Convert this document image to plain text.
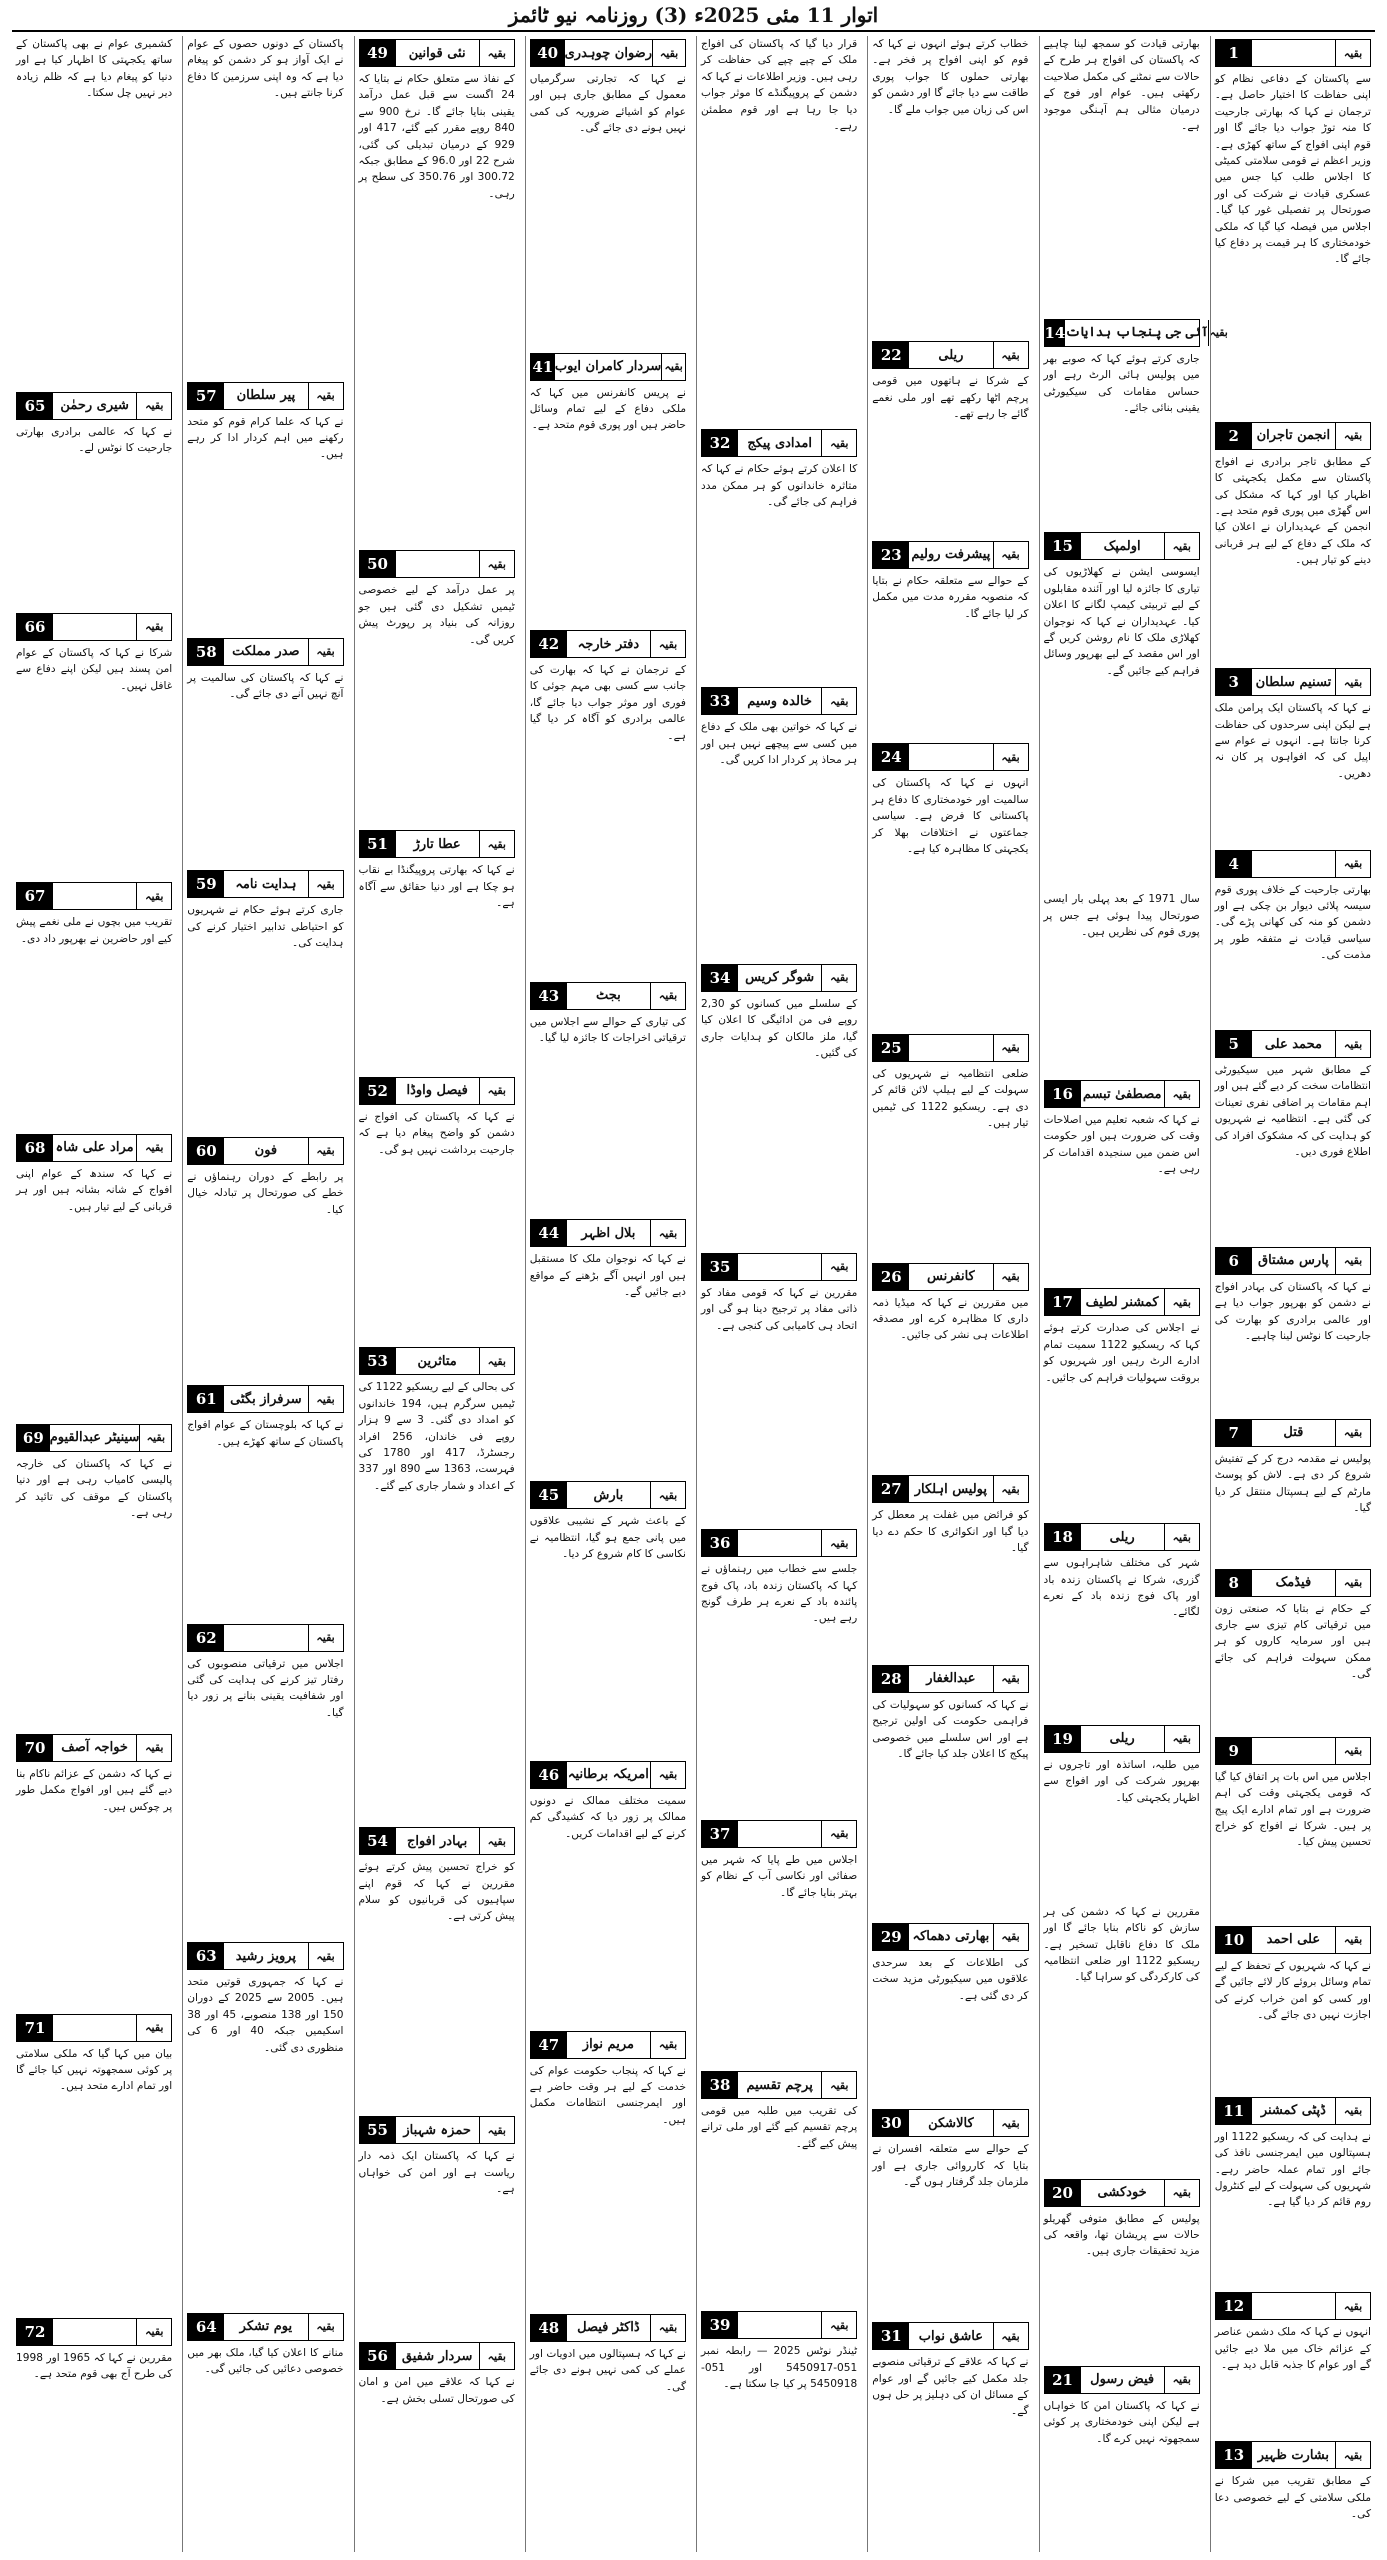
اتوار 11 مئی 2025ء (3) روزنامہ نیو ٹائمز
1	بقیہ
سے پاکستان کے دفاعی نظام کو اپنی حفاظت کا اختیار حاصل ہے۔ ترجمان نے کہا کہ بھارتی جارحیت کا منہ توڑ جواب دیا جائے گا اور قوم اپنی افواج کے ساتھ کھڑی ہے۔ وزیر اعظم نے قومی سلامتی کمیٹی کا اجلاس طلب کیا جس میں عسکری قیادت نے شرکت کی اور صورتحال پر تفصیلی غور کیا گیا۔ اجلاس میں فیصلہ کیا گیا کہ ملکی خودمختاری کا ہر قیمت پر دفاع کیا جائے گا۔
2	انجمن تاجران	بقیہ
کے مطابق تاجر برادری نے افواج پاکستان سے مکمل یکجہتی کا اظہار کیا اور کہا کہ مشکل کی اس گھڑی میں پوری قوم متحد ہے۔ انجمن کے عہدیداران نے اعلان کیا کہ ملک کے دفاع کے لیے ہر قربانی دینے کو تیار ہیں۔
3	تسنیم سلطان	بقیہ
نے کہا کہ پاکستان ایک پرامن ملک ہے لیکن اپنی سرحدوں کی حفاظت کرنا جانتا ہے۔ انہوں نے عوام سے اپیل کی کہ افواہوں پر کان نہ دھریں۔
4	بقیہ
بھارتی جارحیت کے خلاف پوری قوم سیسہ پلائی دیوار بن چکی ہے اور دشمن کو منہ کی کھانی پڑے گی۔ سیاسی قیادت نے متفقہ طور پر مذمت کی۔
5	محمد علی	بقیہ
کے مطابق شہر میں سیکیورٹی انتظامات سخت کر دیے گئے ہیں اور اہم مقامات پر اضافی نفری تعینات کی گئی ہے۔ انتظامیہ نے شہریوں کو ہدایت کی کہ مشکوک افراد کی اطلاع فوری دیں۔
6	پارس مشتاق	بقیہ
نے کہا کہ پاکستان کی بہادر افواج نے دشمن کو بھرپور جواب دیا ہے اور عالمی برادری کو بھارت کی جارحیت کا نوٹس لینا چاہیے۔
7	قتل	بقیہ
پولیس نے مقدمہ درج کر کے تفتیش شروع کر دی ہے۔ لاش کو پوسٹ مارٹم کے لیے ہسپتال منتقل کر دیا گیا۔
8	فیڈمک	بقیہ
کے حکام نے بتایا کہ صنعتی زون میں ترقیاتی کام تیزی سے جاری ہیں اور سرمایہ کاروں کو ہر ممکن سہولت فراہم کی جائے گی۔
9	بقیہ
اجلاس میں اس بات پر اتفاق کیا گیا کہ قومی یکجہتی وقت کی اہم ضرورت ہے اور تمام ادارے ایک پیج پر ہیں۔ شرکا نے افواج کو خراج تحسین پیش کیا۔
10	علی احمد	بقیہ
نے کہا کہ شہریوں کے تحفظ کے لیے تمام وسائل بروئے کار لائے جائیں گے اور کسی کو امن خراب کرنے کی اجازت نہیں دی جائے گی۔
11	ڈپٹی کمشنر	بقیہ
نے ہدایت کی کہ ریسکیو 1122 اور ہسپتالوں میں ایمرجنسی نافذ کی جائے اور تمام عملہ حاضر رہے۔ شہریوں کی سہولت کے لیے کنٹرول روم قائم کر دیا گیا ہے۔
12	بقیہ
انہوں نے کہا کہ ملک دشمن عناصر کے عزائم خاک میں ملا دیے جائیں گے اور عوام کا جذبہ قابل دید ہے۔
13	بشارت ظہیر	بقیہ
کے مطابق تقریب میں شرکا نے ملکی سلامتی کے لیے خصوصی دعا کی۔
بھارتی قیادت کو سمجھ لینا چاہیے کہ پاکستان کی افواج ہر طرح کے حالات سے نمٹنے کی مکمل صلاحیت رکھتی ہیں۔ عوام اور فوج کے درمیان مثالی ہم آہنگی موجود ہے۔
14 آئی جی پنجاب ہدایات بقیہ
جاری کرتے ہوئے کہا کہ صوبے بھر میں پولیس ہائی الرٹ رہے اور حساس مقامات کی سیکیورٹی یقینی بنائی جائے۔
15	اولمپک	بقیہ
ایسوسی ایشن نے کھلاڑیوں کی تیاری کا جائزہ لیا اور آئندہ مقابلوں کے لیے تربیتی کیمپ لگانے کا اعلان کیا۔ عہدیداران نے کہا کہ نوجوان کھلاڑی ملک کا نام روشن کریں گے اور اس مقصد کے لیے بھرپور وسائل فراہم کیے جائیں گے۔
سال 1971 کے بعد پہلی بار ایسی صورتحال پیدا ہوئی ہے جس پر پوری قوم کی نظریں ہیں۔
16 مصطفیٰ تبسم	بقیہ
نے کہا کہ شعبہ تعلیم میں اصلاحات وقت کی ضرورت ہیں اور حکومت اس ضمن میں سنجیدہ اقدامات کر رہی ہے۔
17 کمشنر لطیف	بقیہ
نے اجلاس کی صدارت کرتے ہوئے کہا کہ ریسکیو 1122 سمیت تمام ادارے الرٹ رہیں اور شہریوں کو بروقت سہولیات فراہم کی جائیں۔
18	ریلی	بقیہ
شہر کی مختلف شاہراہوں سے گزری، شرکا نے پاکستان زندہ باد اور پاک فوج زندہ باد کے نعرے لگائے۔
19	ریلی	بقیہ
میں طلبہ، اساتذہ اور تاجروں نے بھرپور شرکت کی اور افواج سے اظہار یکجہتی کیا۔
مقررین نے کہا کہ دشمن کی ہر سازش کو ناکام بنایا جائے گا اور ملک کا دفاع ناقابل تسخیر ہے۔ ریسکیو 1122 اور ضلعی انتظامیہ کی کارکردگی کو سراہا گیا۔
20	خودکشی	بقیہ
پولیس کے مطابق متوفی گھریلو حالات سے پریشان تھا، واقعہ کی مزید تحقیقات جاری ہیں۔
21	فیض رسول	بقیہ
نے کہا کہ پاکستان امن کا خواہاں ہے لیکن اپنی خودمختاری پر کوئی سمجھوتہ نہیں کرے گا۔
خطاب کرتے ہوئے انہوں نے کہا کہ قوم کو اپنی افواج پر فخر ہے۔ بھارتی حملوں کا جواب پوری طاقت سے دیا جائے گا اور دشمن کو اس کی زبان میں جواب ملے گا۔
22	ریلی	بقیہ
کے شرکا نے ہاتھوں میں قومی پرچم اٹھا رکھے تھے اور ملی نغمے گائے جا رہے تھے۔
23 پیشرفت رولیم بقیہ
کے حوالے سے متعلقہ حکام نے بتایا کہ منصوبہ مقررہ مدت میں مکمل کر لیا جائے گا۔
24	بقیہ
انہوں نے کہا کہ پاکستان کی سالمیت اور خودمختاری کا دفاع ہر پاکستانی کا فرض ہے۔ سیاسی جماعتوں نے اختلافات بھلا کر یکجہتی کا مظاہرہ کیا ہے۔
25	بقیہ
ضلعی انتظامیہ نے شہریوں کی سہولت کے لیے ہیلپ لائن قائم کر دی ہے۔ ریسکیو 1122 کی ٹیمیں تیار ہیں۔
26	کانفرنس	بقیہ
میں مقررین نے کہا کہ میڈیا ذمہ داری کا مظاہرہ کرے اور مصدقہ اطلاعات ہی نشر کی جائیں۔
27	پولیس اہلکار	بقیہ
کو فرائض میں غفلت پر معطل کر دیا گیا اور انکوائری کا حکم دے دیا گیا۔
28	عبدالغفار	بقیہ
نے کہا کہ کسانوں کو سہولیات کی فراہمی حکومت کی اولین ترجیح ہے اور اس سلسلے میں خصوصی پیکج کا اعلان جلد کیا جائے گا۔
29 بھارتی دھماکہ	بقیہ
کی اطلاعات کے بعد سرحدی علاقوں میں سیکیورٹی مزید سخت کر دی گئی ہے۔
30	کالاشکن	بقیہ
کے حوالے سے متعلقہ افسران نے بتایا کہ کارروائی جاری ہے اور ملزمان جلد گرفتار ہوں گے۔
31	عاشق نواب	بقیہ
نے کہا کہ علاقے کے ترقیاتی منصوبے جلد مکمل کیے جائیں گے اور عوام کے مسائل ان کی دہلیز پر حل ہوں گے۔
قرار دیا گیا کہ پاکستان کی افواج ملک کے چپے چپے کی حفاظت کر رہی ہیں۔ وزیر اطلاعات نے کہا کہ دشمن کے پروپیگنڈے کا موثر جواب دیا جا رہا ہے اور قوم مطمئن رہے۔
32	امدادی پیکج	بقیہ
کا اعلان کرتے ہوئے حکام نے کہا کہ متاثرہ خاندانوں کو ہر ممکن مدد فراہم کی جائے گی۔
33	خالدہ وسیم	بقیہ
نے کہا کہ خواتین بھی ملک کے دفاع میں کسی سے پیچھے نہیں ہیں اور ہر محاذ پر کردار ادا کریں گی۔
34	شوگر کریس	بقیہ
کے سلسلے میں کسانوں کو 2,30 روپے فی من ادائیگی کا اعلان کیا گیا، ملز مالکان کو ہدایات جاری کی گئیں۔
35	بقیہ
مقررین نے کہا کہ قومی مفاد کو ذاتی مفاد پر ترجیح دینا ہو گی اور اتحاد ہی کامیابی کی کنجی ہے۔
36	بقیہ
جلسے سے خطاب میں رہنماؤں نے کہا کہ پاکستان زندہ باد، پاک فوج پائندہ باد کے نعرے ہر طرف گونج رہے ہیں۔
37	بقیہ
اجلاس میں طے پایا کہ شہر میں صفائی اور نکاسی آب کے نظام کو بہتر بنایا جائے گا۔
38	پرچم تقسیم	بقیہ
کی تقریب میں طلبہ میں قومی پرچم تقسیم کیے گئے اور ملی ترانے پیش کیے گئے۔
39	بقیہ
ٹینڈر نوٹس 2025 — رابطہ نمبر 051-5450917 اور 051-5450918 پر کیا جا سکتا ہے۔
40 رضوان چوہدری بقیہ
نے کہا کہ تجارتی سرگرمیاں معمول کے مطابق جاری ہیں اور عوام کو اشیائے ضروریہ کی کمی نہیں ہونے دی جائے گی۔
41 سردار کامران ایوب بقیہ
نے پریس کانفرنس میں کہا کہ ملکی دفاع کے لیے تمام وسائل حاضر ہیں اور پوری قوم متحد ہے۔
42	دفتر خارجہ	بقیہ
کے ترجمان نے کہا کہ بھارت کی جانب سے کسی بھی مہم جوئی کا فوری اور موثر جواب دیا جائے گا، عالمی برادری کو آگاہ کر دیا گیا ہے۔
43	بجٹ	بقیہ
کی تیاری کے حوالے سے اجلاس میں ترقیاتی اخراجات کا جائزہ لیا گیا۔
44	بلال اظہر	بقیہ
نے کہا کہ نوجوان ملک کا مستقبل ہیں اور انہیں آگے بڑھنے کے مواقع دیے جائیں گے۔
45	بارش	بقیہ
کے باعث شہر کے نشیبی علاقوں میں پانی جمع ہو گیا، انتظامیہ نے نکاسی کا کام شروع کر دیا۔
46 امریکہ برطانیہ بقیہ
سمیت مختلف ممالک نے دونوں ممالک پر زور دیا کہ کشیدگی کم کرنے کے لیے اقدامات کریں۔
47	مریم نواز	بقیہ
نے کہا کہ پنجاب حکومت عوام کی خدمت کے لیے ہر وقت حاضر ہے اور ایمرجنسی انتظامات مکمل ہیں۔
48	ڈاکٹر فیصل	بقیہ
نے کہا کہ ہسپتالوں میں ادویات اور عملے کی کمی نہیں ہونے دی جائے گی۔
49	نئی قوانین	بقیہ
کے نفاذ سے متعلق حکام نے بتایا کہ 24 اگست سے قبل عمل درآمد یقینی بنایا جائے گا۔ نرخ 900 سے 840 روپے مقرر کیے گئے، 417 اور 929 کے درمیان تبدیلی کی گئی، شرح 22 اور 96.0 کے مطابق جبکہ 300.72 اور 350.76 کی سطح پر رہی۔
50	بقیہ
پر عمل درآمد کے لیے خصوصی ٹیمیں تشکیل دی گئی ہیں جو روزانہ کی بنیاد پر رپورٹ پیش کریں گی۔
51	عطا تارڑ	بقیہ
نے کہا کہ بھارتی پروپیگنڈا بے نقاب ہو چکا ہے اور دنیا حقائق سے آگاہ ہے۔
52	فیصل واوڈا	بقیہ
نے کہا کہ پاکستان کی افواج نے دشمن کو واضح پیغام دیا ہے کہ جارحیت برداشت نہیں ہو گی۔
53	متاثرین	بقیہ
کی بحالی کے لیے ریسکیو 1122 کی ٹیمیں سرگرم ہیں، 194 خاندانوں کو امداد دی گئی۔ 3 سے 9 ہزار روپے فی خاندان، 256 افراد رجسٹرڈ، 417 اور 1780 کی فہرست، 1363 سے 890 اور 337 کے اعداد و شمار جاری کیے گئے۔
54	بہادر افواج	بقیہ
کو خراج تحسین پیش کرتے ہوئے مقررین نے کہا کہ قوم اپنے سپاہیوں کی قربانیوں کو سلام پیش کرتی ہے۔
55	حمزہ شہباز	بقیہ
نے کہا کہ پاکستان ایک ذمہ دار ریاست ہے اور امن کی خواہاں ہے۔
56	سردار شفیق	بقیہ
نے کہا کہ علاقے میں امن و امان کی صورتحال تسلی بخش ہے۔
پاکستان کے دونوں حصوں کے عوام نے ایک آواز ہو کر دشمن کو پیغام دیا ہے کہ وہ اپنی سرزمین کا دفاع کرنا جانتے ہیں۔
57	پیر سلطان	بقیہ
نے کہا کہ علما کرام قوم کو متحد رکھنے میں اہم کردار ادا کر رہے ہیں۔
58	صدر مملکت	بقیہ
نے کہا کہ پاکستان کی سالمیت پر آنچ نہیں آنے دی جائے گی۔
59	ہدایت نامہ	بقیہ
جاری کرتے ہوئے حکام نے شہریوں کو احتیاطی تدابیر اختیار کرنے کی ہدایت کی۔
60	فون	بقیہ
پر رابطے کے دوران رہنماؤں نے خطے کی صورتحال پر تبادلہ خیال کیا۔
61	سرفراز بگٹی	بقیہ
نے کہا کہ بلوچستان کے عوام افواج پاکستان کے ساتھ کھڑے ہیں۔
62	بقیہ
اجلاس میں ترقیاتی منصوبوں کی رفتار تیز کرنے کی ہدایت کی گئی اور شفافیت یقینی بنانے پر زور دیا گیا۔
63	پرویز رشید	بقیہ
نے کہا کہ جمہوری قوتیں متحد ہیں۔ 2005 سے 2025 کے دوران 150 اور 138 منصوبے، 45 اور 38 اسکیمیں جبکہ 40 اور 6 کی منظوری دی گئی۔
64	یوم تشکر	بقیہ
منانے کا اعلان کیا گیا، ملک بھر میں خصوصی دعائیں کی جائیں گی۔
کشمیری عوام نے بھی پاکستان کے ساتھ یکجہتی کا اظہار کیا ہے اور دنیا کو پیغام دیا ہے کہ ظلم زیادہ دیر نہیں چل سکتا۔
65	شیری رحمٰن	بقیہ
نے کہا کہ عالمی برادری بھارتی جارحیت کا نوٹس لے۔
66	بقیہ
شرکا نے کہا کہ پاکستان کے عوام امن پسند ہیں لیکن اپنے دفاع سے غافل نہیں۔
67	بقیہ
تقریب میں بچوں نے ملی نغمے پیش کیے اور حاضرین نے بھرپور داد دی۔
68 مراد علی شاہ	بقیہ
نے کہا کہ سندھ کے عوام اپنی افواج کے شانہ بشانہ ہیں اور ہر قربانی کے لیے تیار ہیں۔
69 سینیٹر عبدالقیوم بقیہ
نے کہا کہ پاکستان کی خارجہ پالیسی کامیاب رہی ہے اور دنیا پاکستان کے موقف کی تائید کر رہی ہے۔
70	خواجہ آصف	بقیہ
نے کہا کہ دشمن کے عزائم ناکام بنا دیے گئے ہیں اور افواج مکمل طور پر چوکس ہیں۔
71	بقیہ
بیان میں کہا گیا کہ ملکی سلامتی پر کوئی سمجھوتہ نہیں کیا جائے گا اور تمام ادارے متحد ہیں۔
72	بقیہ
مقررین نے کہا کہ 1965 اور 1998 کی طرح آج بھی قوم متحد ہے۔
